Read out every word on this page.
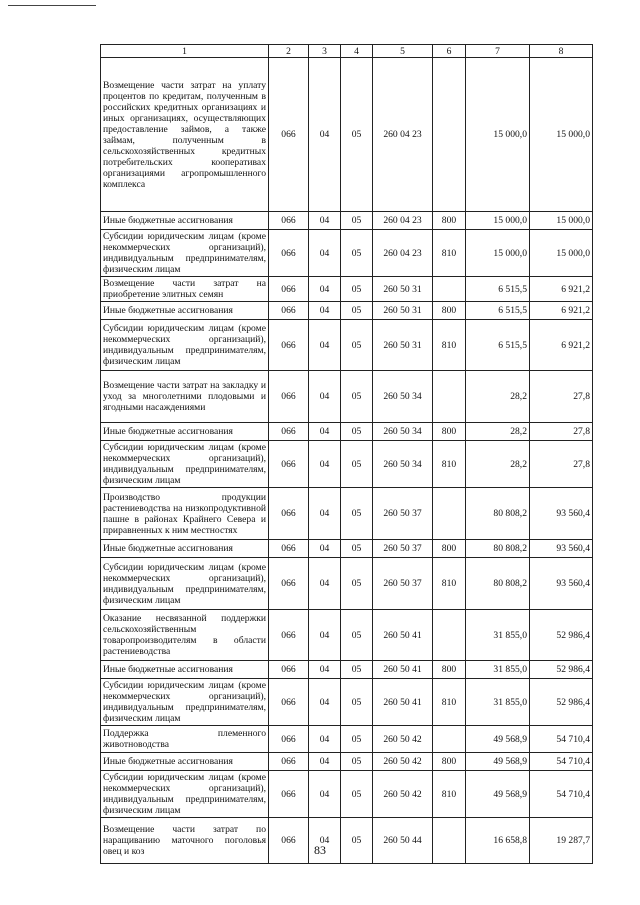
1	2	3	4	5	6	7	8
Возмещение части затрат на уплату процентов по кредитам, полученным в российских кредитных организациях и иных организациях, осуществляющих предоставление займов, а также займам, полученным в сельскохозяйственных кредитных потребительских кооперативах организациями агропромышленного комплекса	066	04	05	260 04 23		15 000,0	15 000,0
Иные бюджетные ассигнования	066	04	05	260 04 23	800	15 000,0	15 000,0
Субсидии юридическим лицам (кроме некоммерческих организаций), индивидуальным предпринимателям, физическим лицам	066	04	05	260 04 23	810	15 000,0	15 000,0
Возмещение части затрат на приобретение элитных семян	066	04	05	260 50 31		6 515,5	6 921,2
Иные бюджетные ассигнования	066	04	05	260 50 31	800	6 515,5	6 921,2
Субсидии юридическим лицам (кроме некоммерческих организаций), индивидуальным предпринимателям, физическим лицам	066	04	05	260 50 31	810	6 515,5	6 921,2
Возмещение части затрат на закладку и уход за многолетними плодовыми и ягодными насаждениями	066	04	05	260 50 34		28,2	27,8
Иные бюджетные ассигнования	066	04	05	260 50 34	800	28,2	27,8
Субсидии юридическим лицам (кроме некоммерческих организаций), индивидуальным предпринимателям, физическим лицам	066	04	05	260 50 34	810	28,2	27,8
Производство продукции растениеводства на низкопродуктивной пашне в районах Крайнего Севера и приравненных к ним местностях	066	04	05	260 50 37		80 808,2	93 560,4
Иные бюджетные ассигнования	066	04	05	260 50 37	800	80 808,2	93 560,4
Субсидии юридическим лицам (кроме некоммерческих организаций), индивидуальным предпринимателям, физическим лицам	066	04	05	260 50 37	810	80 808,2	93 560,4
Оказание несвязанной поддержки сельскохозяйственным товаропроизводителям в области растениеводства	066	04	05	260 50 41		31 855,0	52 986,4
Иные бюджетные ассигнования	066	04	05	260 50 41	800	31 855,0	52 986,4
Субсидии юридическим лицам (кроме некоммерческих организаций), индивидуальным предпринимателям, физическим лицам	066	04	05	260 50 41	810	31 855,0	52 986,4
Поддержка племенного животноводства	066	04	05	260 50 42		49 568,9	54 710,4
Иные бюджетные ассигнования	066	04	05	260 50 42	800	49 568,9	54 710,4
Субсидии юридическим лицам (кроме некоммерческих организаций), индивидуальным предпринимателям, физическим лицам	066	04	05	260 50 42	810	49 568,9	54 710,4
Возмещение части затрат по наращиванию маточного поголовья овец и коз	066	04	05	260 50 44		16 658,8	19 287,7
83
